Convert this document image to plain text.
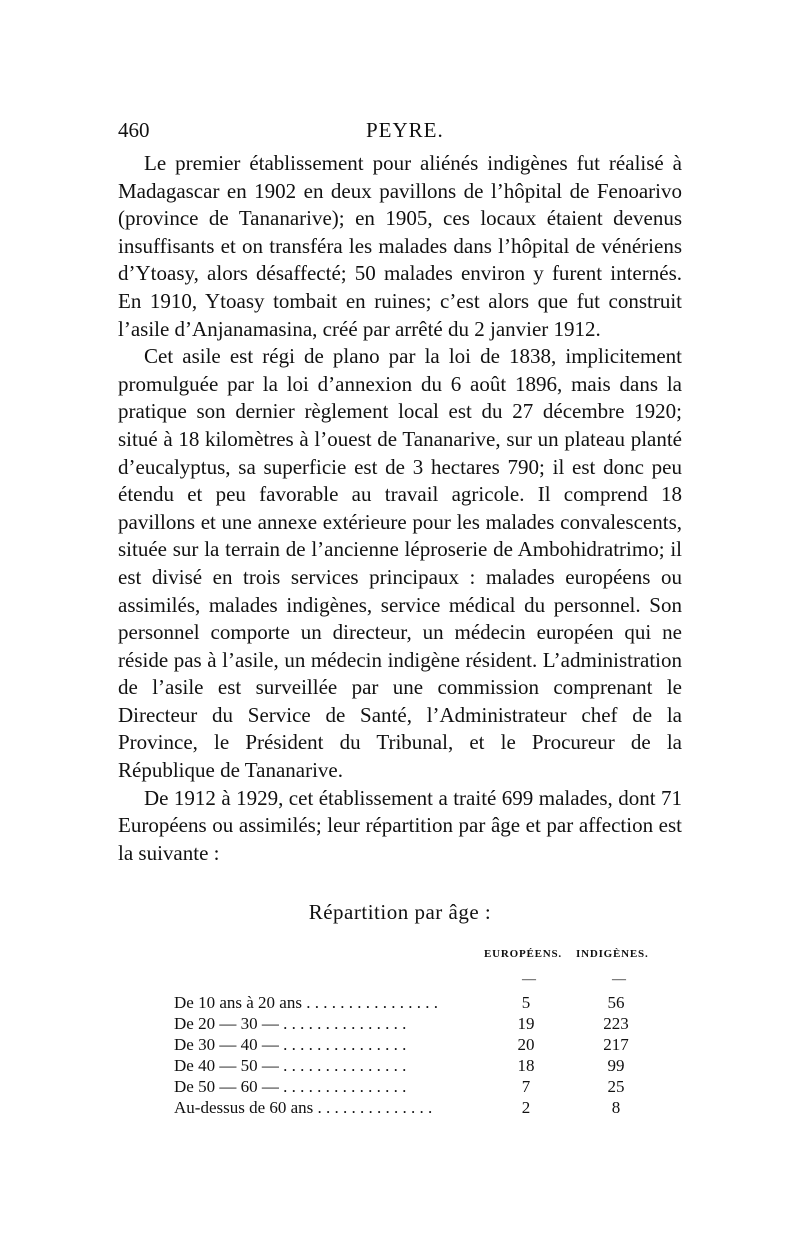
460	PEYRE.

Le premier établissement pour aliénés indigènes fut réalisé à Madagascar en 1902 en deux pavillons de l’hôpital de Fenoarivo (province de Tananarive); en 1905, ces locaux étaient devenus insuffisants et on transféra les malades dans l’hôpital de vénériens d’Ytoasy, alors désaffecté; 50 malades environ y furent internés. En 1910, Ytoasy tombait en ruines; c’est alors que fut construit l’asile d’Anjanamasina, créé par arrêté du 2 janvier 1912.

Cet asile est régi de plano par la loi de 1838, implicitement promulguée par la loi d’annexion du 6 août 1896, mais dans la pratique son dernier règlement local est du 27 décembre 1920; situé à 18 kilomètres à l’ouest de Tananarive, sur un plateau planté d’eucalyptus, sa superficie est de 3 hectares 790; il est donc peu étendu et peu favorable au travail agricole. Il comprend 18 pavillons et une annexe extérieure pour les malades convalescents, située sur la terrain de l’ancienne léproserie de Ambohidratrimo; il est divisé en trois services principaux : malades européens ou assimilés, malades indigènes, service médical du personnel. Son personnel comporte un directeur, un médecin européen qui ne réside pas à l’asile, un médecin indigène résident. L’administration de l’asile est surveillée par une commission comprenant le Directeur du Service de Santé, l’Administrateur chef de la Province, le Président du Tribunal, et le Procureur de la République de Tananarive.

De 1912 à 1929, cet établissement a traité 699 malades, dont 71 Européens ou assimilés; leur répartition par âge et par affection est la suivante :

Répartition par âge :
EUROPÉENS. INDIGÈNES.
—	—
De 10 ans à 20 ans . . . . . . . . . . . . . . . .	5	56
De 20 — 30 — . . . . . . . . . . . . . . .	19	223
De 30 — 40 — . . . . . . . . . . . . . . .	20	217
De 40 — 50 — . . . . . . . . . . . . . . .	18	99
De 50 — 60 — . . . . . . . . . . . . . . .	7	25
Au-dessus de 60 ans . . . . . . . . . . . . . .	2	8
